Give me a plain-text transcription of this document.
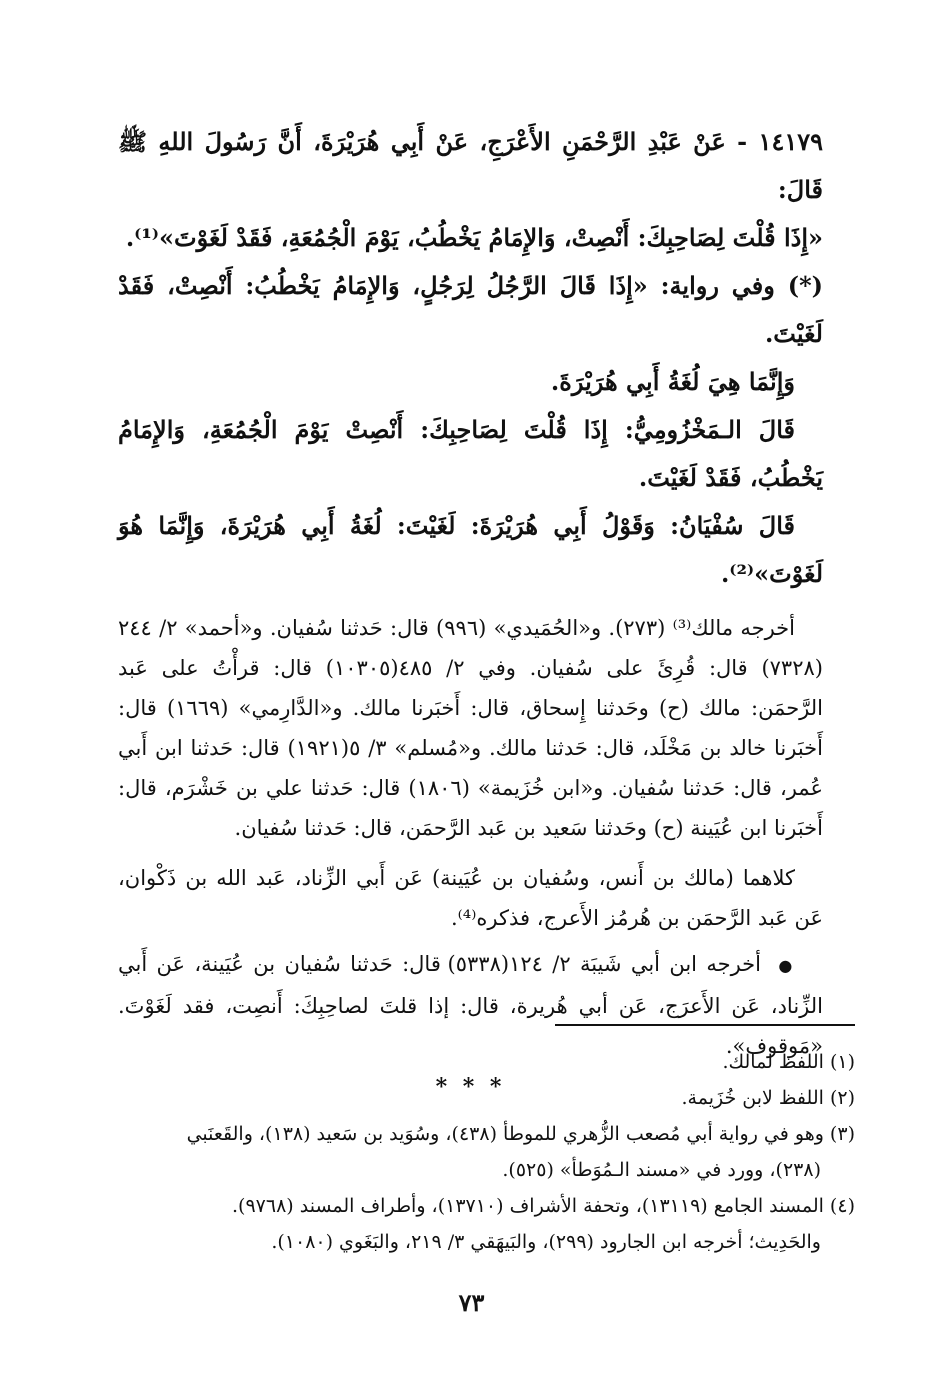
١٤١٧٩ - عَنْ عَبْدِ الرَّحْمَنِ الأَعْرَجِ، عَنْ أَبِي هُرَيْرَةَ، أَنَّ رَسُولَ اللهِ ﷺ قَالَ:

«إِذَا قُلْتَ لِصَاحِبِكَ: أَنْصِتْ، وَالإِمَامُ يَخْطُبُ، يَوْمَ الْجُمُعَةِ، فَقَدْ لَغَوْتَ»⁽¹⁾.

(*) وفي رواية: «إِذَا قَالَ الرَّجُلُ لِرَجُلٍ، وَالإِمَامُ يَخْطُبُ: أَنْصِتْ، فَقَدْ لَغَيْتَ.

وَإِنَّمَا هِيَ لُغَةُ أَبِي هُرَيْرَةَ.

قَالَ الـمَخْزُومِيُّ: إِذَا قُلْتَ لِصَاحِبِكَ: أَنْصِتْ يَوْمَ الْجُمُعَةِ، وَالإِمَامُ يَخْطُبُ، فَقَدْ لَغَيْتَ.

قَالَ سُفْيَانُ: وَقَوْلُ أَبِي هُرَيْرَةَ: لَغَيْتَ: لُغَةُ أَبِي هُرَيْرَةَ، وَإِنَّمَا هُوَ لَغَوْتَ»⁽²⁾.

أخرجه مالك⁽³⁾ (٢٧٣). و«الحُمَيدي» (٩٩٦) قال: حَدثنا سُفيان. و«أحمد» ٢/ ٢٤٤ (٧٣٢٨) قال: قُرِئَ على سُفيان. وفي ٢/ ٤٨٥(١٠٣٠٥) قال: قرأْتُ على عَبد الرَّحمَن: مالك (ح) وحَدثنا إِسحاق، قال: أَخبَرنا مالك. و«الدَّارِمي» (١٦٦٩) قال: أَخبَرنا خالد بن مَخْلَد، قال: حَدثنا مالك. و«مُسلم» ٣/ ٥(١٩٢١) قال: حَدثنا ابن أَبي عُمر، قال: حَدثنا سُفيان. و«ابن خُزَيمة» (١٨٠٦) قال: حَدثنا علي بن خَشْرَم، قال: أَخبَرنا ابن عُيَينة (ح) وحَدثنا سَعيد بن عَبد الرَّحمَن، قال: حَدثنا سُفيان.

كلاهما (مالك بن أَنس، وسُفيان بن عُيَينة) عَن أَبي الزِّناد، عَبد الله بن ذَكْوان، عَن عَبد الرَّحمَن بن هُرمُز الأَعرج، فذكره⁽⁴⁾.

● أخرجه ابن أبي شَيبَة ٢/ ١٢٤(٥٣٣٨) قال: حَدثنا سُفيان بن عُيَينة، عَن أَبي الزِّناد، عَن الأَعرَج، عَن أبي هُريرة، قال: إذا قلتَ لصاحِبِكَ: أَنصِت، فقد لَغَوْتَ. «مَوقوف».

* * *

(١) اللفظ لمالك.

(٢) اللفظ لابن خُزَيمة.

(٣) وهو في رواية أبي مُصعب الزُّهري للموطأ (٤٣٨)، وسُوَيد بن سَعيد (١٣٨)، والقَعنَبي

(٢٣٨)، وورد في «مسند الـمُوَطأ» (٥٢٥).

(٤) المسند الجامع (١٣١١٩)، وتحفة الأشراف (١٣٧١٠)، وأطراف المسند (٩٧٦٨).

والحَدِيث؛ أخرجه ابن الجارود (٢٩٩)، والبَيهَقي ٣/ ٢١٩، والبَغَوي (١٠٨٠).

٧٣
